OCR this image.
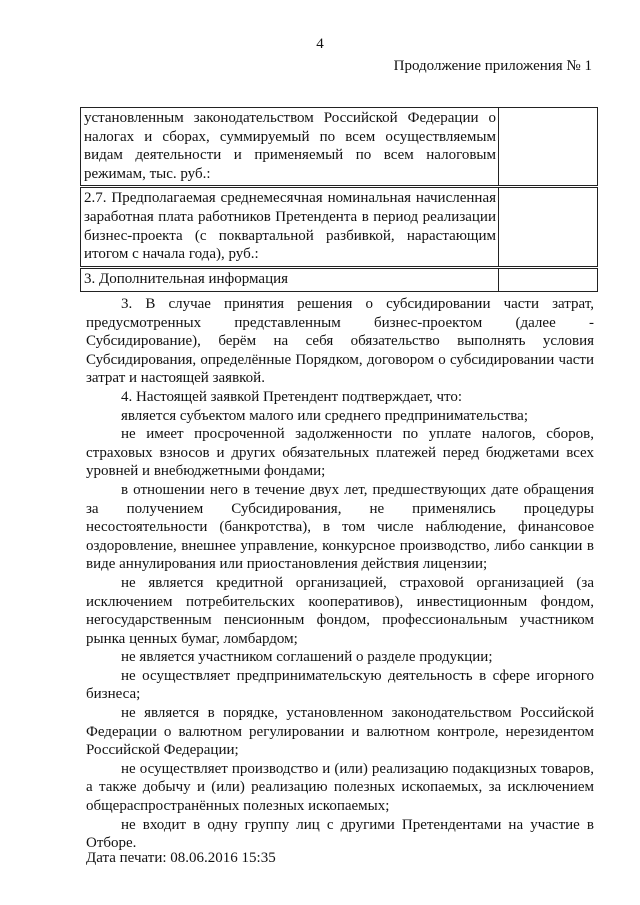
4
Продолжение приложения № 1
установленным законодательством Российской Федерации о налогах и сборах, суммируемый по всем осуществляемым видам деятельности и применяемый по всем налоговым режимам, тыс. руб.:	
2.7. Предполагаемая среднемесячная номинальная начисленная заработная плата работников Претендента в период реализации бизнес-проекта (с поквартальной разбивкой, нарастающим итогом с начала года), руб.:	
3. Дополнительная информация	

3. В случае принятия решения о субсидировании части затрат, предусмотренных представленным бизнес-проектом (далее - Субсидирование), берём на себя обязательство выполнять условия Субсидирования, определённые Порядком, договором о субсидировании части затрат и настоящей заявкой.

4. Настоящей заявкой Претендент подтверждает, что:

является субъектом малого или среднего предпринимательства;

не имеет просроченной задолженности по уплате налогов, сборов, страховых взносов и других обязательных платежей перед бюджетами всех уровней и внебюджетными фондами;

в отношении него в течение двух лет, предшествующих дате обращения за получением Субсидирования, не применялись процедуры несостоятельности (банкротства), в том числе наблюдение, финансовое оздоровление, внешнее управление, конкурсное производство, либо санкции в виде аннулирования или приостановления действия лицензии;

не является кредитной организацией, страховой организацией (за исключением потребительских кооперативов), инвестиционным фондом, негосударственным пенсионным фондом, профессиональным участником рынка ценных бумаг, ломбардом;

не является участником соглашений о разделе продукции;

не осуществляет предпринимательскую деятельность в сфере игорного бизнеса;

не является в порядке, установленном законодательством Российской Федерации о валютном регулировании и валютном контроле, нерезидентом Российской Федерации;

не осуществляет производство и (или) реализацию подакцизных товаров, а также добычу и (или) реализацию полезных ископаемых, за исключением общераспространённых полезных ископаемых;

не входит в одну группу лиц с другими Претендентами на участие в Отборе.

Дата печати: 08.06.2016 15:35
